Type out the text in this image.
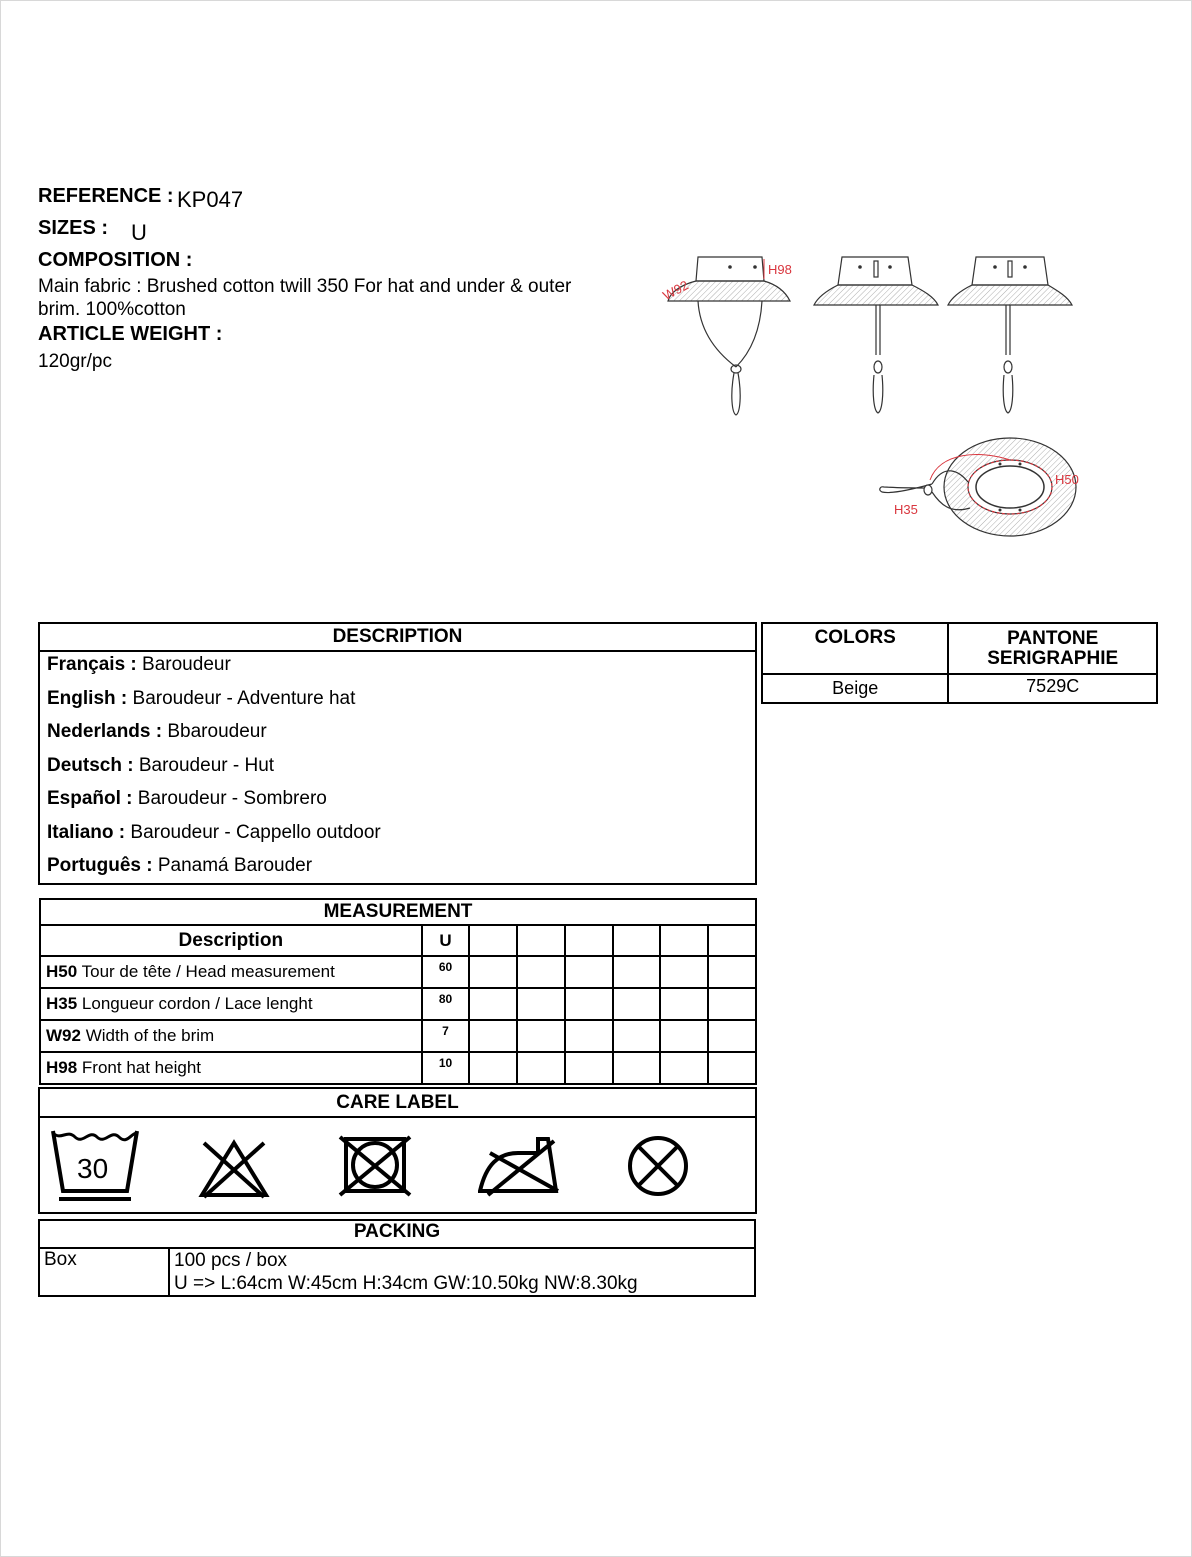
REFERENCE : KP047
SIZES : U
COMPOSITION :
Main fabric : Brushed cotton twill 350 For hat and under & outer
brim. 100%cotton
ARTICLE WEIGHT :
120gr/pc
H98
W92
H50
H35
DESCRIPTION
Français : Baroudeur
English : Baroudeur - Adventure hat
Nederlands : Bbaroudeur
Deutsch : Baroudeur - Hut
Español : Baroudeur - Sombrero
Italiano : Baroudeur - Cappello outdoor
Português : Panamá Barouder
COLORS	PANTONE
SERIGRAPHIE

Beige	7529C
MEASUREMENT							
Description	U						
H50 Tour de tête / Head measurement	60						
H35 Longueur cordon / Lace lenght	80						
W92 Width of the brim	7						
H98 Front hat height	10						
CARE LABEL
30
PACKING
Box	100 pcs / box
U => L:64cm W:45cm H:34cm GW:10.50kg NW:8.30kg
